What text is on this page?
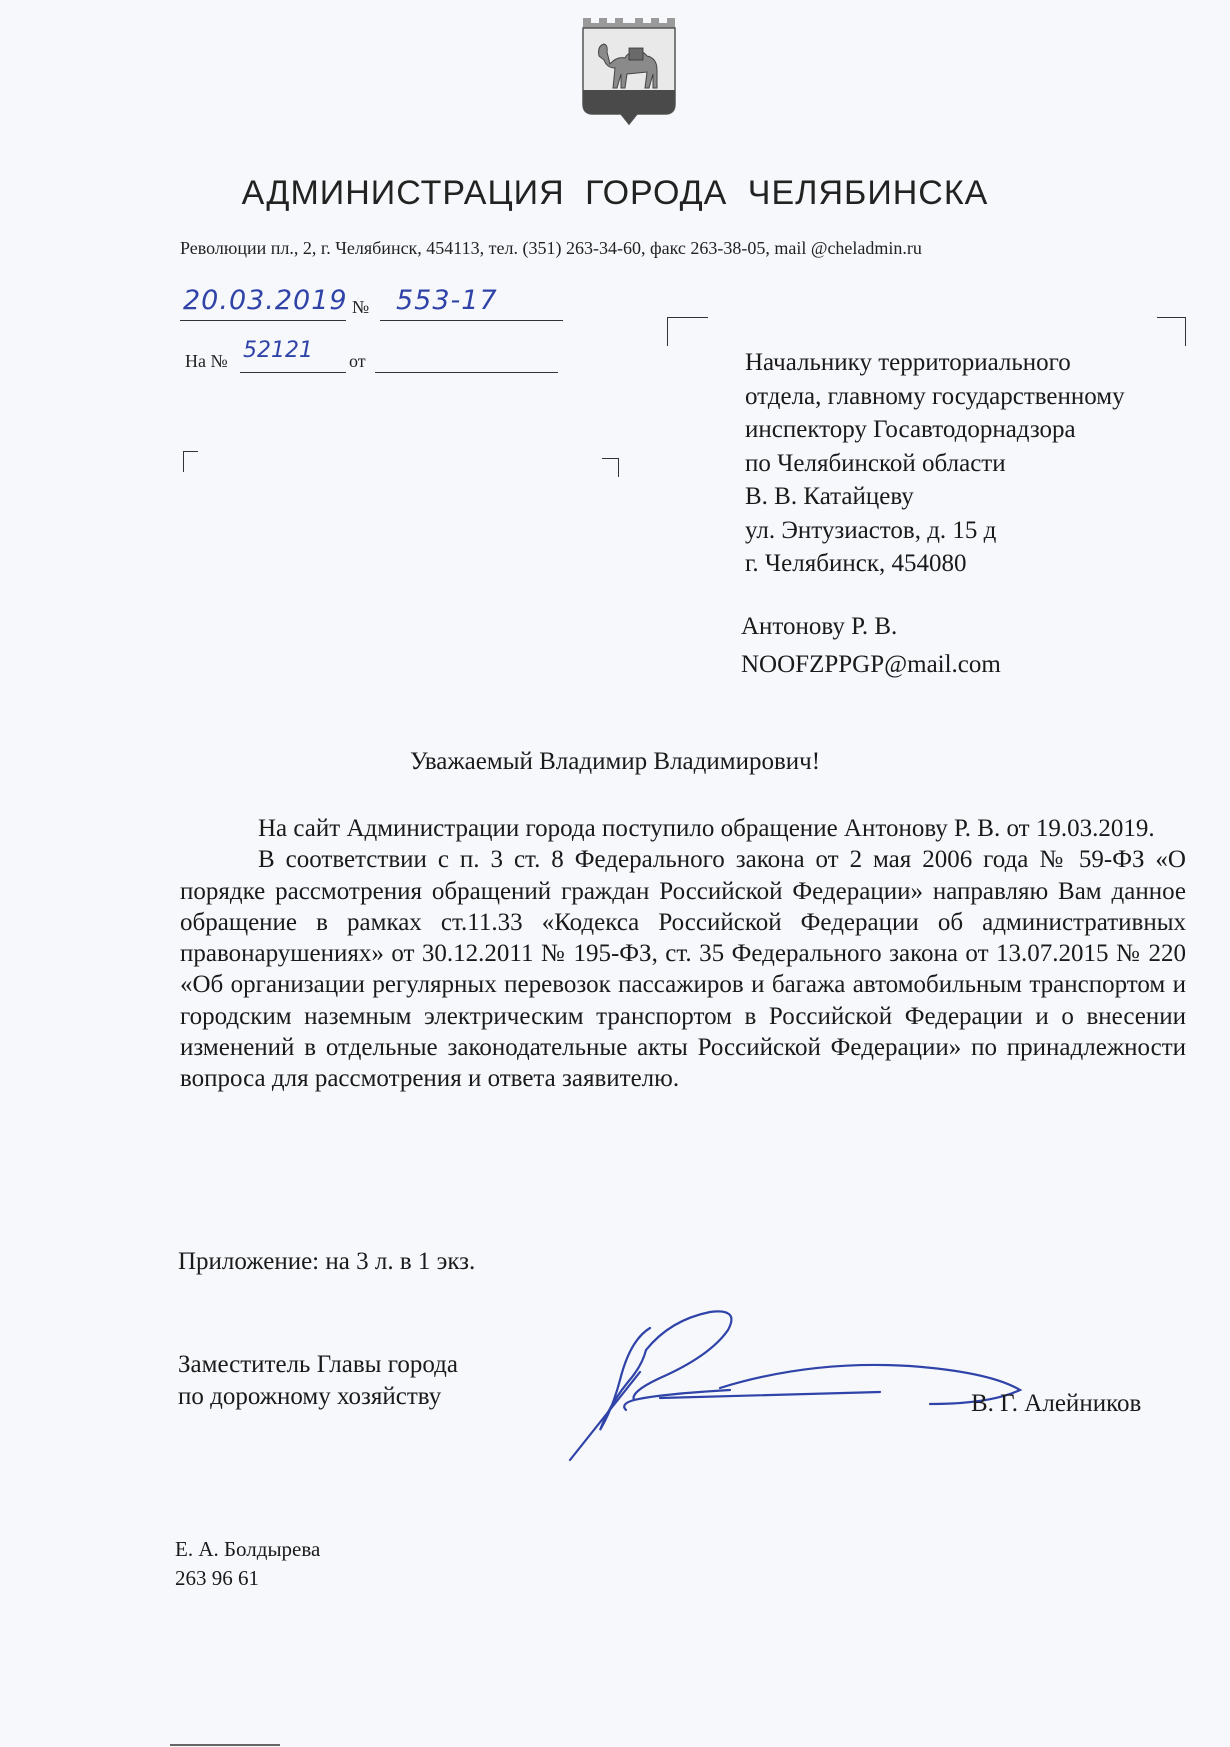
АДМИНИСТРАЦИЯ ГОРОДА ЧЕЛЯБИНСКА
Революции пл., 2, г. Челябинск, 454113, тел. (351) 263-34-60, факс 263-38-05, mail @cheladmin.ru
20.03.2019 № 553-17
На № 52121 от	Начальнику территориального
отдела, главному государственному
инспектору Госавтодорнадзора
по Челябинской области
В. В. Катайцеву
ул. Энтузиастов, д. 15 д
г. Челябинск, 454080
Антонову Р. В.
NOOFZPPGP@mail.com
Уважаемый Владимир Владимирович!

На сайт Администрации города поступило обращение Антонову Р. В. от 19.03.2019.

В соответствии с п. 3 ст. 8 Федерального закона от 2 мая 2006 года № 59-ФЗ «О порядке рассмотрения обращений граждан Российской Федерации» направляю Вам данное обращение в рамках ст.11.33 «Кодекса Российской Федерации об административных правонарушениях» от 30.12.2011 № 195-ФЗ, ст. 35 Федерального закона от 13.07.2015 № 220 «Об организации регулярных перевозок пассажиров и багажа автомобильным транспортом и городским наземным электрическим транспортом в Российской Федерации и о внесении изменений в отдельные законодательные акты Российской Федерации» по принадлежности вопроса для рассмотрения и ответа заявителю.

Приложение: на 3 л. в 1 экз.
Заместитель Главы города
по дорожному хозяйству	В. Г. Алейников
Е. А. Болдырева
263 96 61
